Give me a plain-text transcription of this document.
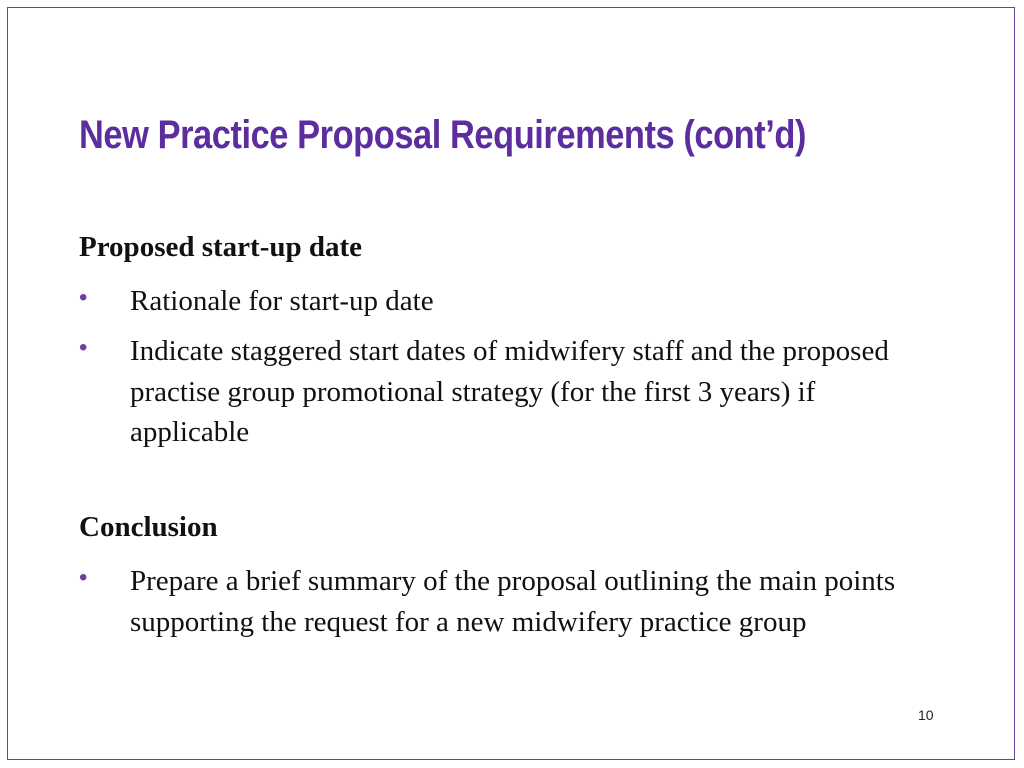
New Practice Proposal Requirements (cont’d)
Proposed start-up date
• Rationale for start-up date
• Indicate staggered start dates of midwifery staff and the proposed practise group promotional strategy (for the first 3 years) if applicable
Conclusion
• Prepare a brief summary of the proposal outlining the main points supporting the request for a new midwifery practice group
10
